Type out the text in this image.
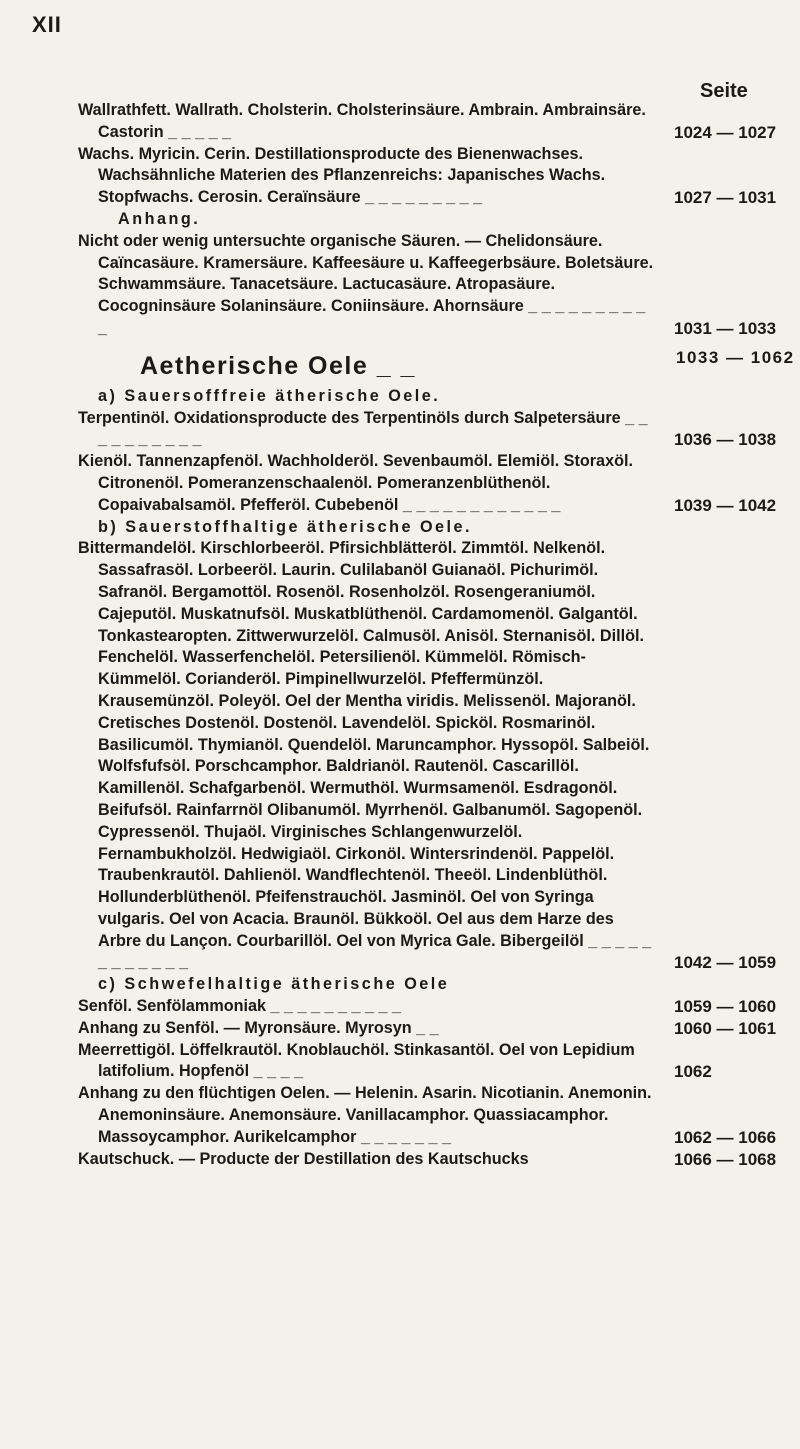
XII
Seite
Wallrathfett. Wallrath. Cholsterin. Cholsterinsäure. Ambrain. Ambrainsäre. Castorin _ _ _ _ _	1024 — 1027
Wachs. Myricin. Cerin. Destillationsproducte des Bienenwachses. Wachsähnliche Materien des Pflanzenreichs: Japanisches Wachs. Stopfwachs. Cerosin. Ceraïnsäure _ _ _ _ _ _ _ _ _	1027 — 1031
Anhang.
Nicht oder wenig untersuchte organische Säuren. — Chelidonsäure. Caïncasäure. Kramersäure. Kaffeesäure u. Kaffeegerbsäure. Boletsäure. Schwammsäure. Tanacetsäure. Lactucasäure. Atropasäure. Cocogninsäure Solaninsäure. Coniinsäure. Ahornsäure _ _ _ _ _ _ _ _ _ _	1031 — 1033
Aetherische Oele _ _	1033 — 1062
a) Sauersofffreie ätherische Oele.
Terpentinöl. Oxidationsproducte des Terpentinöls durch Salpetersäure _ _ _ _ _ _ _ _ _ _	1036 — 1038
Kienöl. Tannenzapfenöl. Wachholderöl. Sevenbaumöl. Elemiöl. Storaxöl. Citronenöl. Pomeranzenschaalenöl. Pomeranzenblüthenöl. Copaivabalsamöl. Pfefferöl. Cubebenöl _ _ _ _ _ _ _ _ _ _ _ _	1039 — 1042
b) Sauerstoffhaltige ätherische Oele.
Bittermandelöl. Kirschlorbeeröl. Pfirsichblätteröl. Zimmtöl. Nelkenöl. Sassafrasöl. Lorbeeröl. Laurin. Culilabanöl Guianaöl. Pichurimöl. Safranöl. Bergamottöl. Rosenöl. Rosenholzöl. Rosengeraniumöl. Cajeputöl. Muskatnufsöl. Muskatblüthenöl. Cardamomenöl. Galgantöl. Tonkastearopten. Zittwerwurzelöl. Calmusöl. Anisöl. Sternanisöl. Dillöl. Fenchelöl. Wasserfenchelöl. Petersilienöl. Kümmelöl. Römisch-Kümmelöl. Corianderöl. Pimpinellwurzelöl. Pfeffermünzöl. Krausemünzöl. Poleyöl. Oel der Mentha viridis. Melissenöl. Majoranöl. Cretisches Dostenöl. Dostenöl. Lavendelöl. Spicköl. Rosmarinöl. Basilicumöl. Thymianöl. Quendelöl. Maruncamphor. Hyssopöl. Salbeiöl. Wolfsfufsöl. Porschcamphor. Baldrianöl. Rautenöl. Cascarillöl. Kamillenöl. Schafgarbenöl. Wermuthöl. Wurmsamenöl. Esdragonöl. Beifufsöl. Rainfarrnöl Olibanumöl. Myrrhenöl. Galbanumöl. Sagopenöl. Cypressenöl. Thujaöl. Virginisches Schlangenwurzelöl. Fernambukholzöl. Hedwigiaöl. Cirkonöl. Wintersrindenöl. Pappelöl. Traubenkrautöl. Dahlienöl. Wandflechtenöl. Theeöl. Lindenblüthöl. Hollunderblüthenöl. Pfeifenstrauchöl. Jasminöl. Oel von Syringa vulgaris. Oel von Acacia. Braunöl. Bükkoöl. Oel aus dem Harze des Arbre du Lançon. Courbarillöl. Oel von Myrica Gale. Bibergeilöl _ _ _ _ _ _ _ _ _ _ _ _	1042 — 1059
c) Schwefelhaltige ätherische Oele
Senföl. Senfölammoniak _ _ _ _ _ _ _ _ _ _	1059 — 1060
Anhang zu Senföl. — Myronsäure. Myrosyn _ _	1060 — 1061
Meerrettigöl. Löffelkrautöl. Knoblauchöl. Stinkasantöl. Oel von Lepidium latifolium. Hopfenöl _ _ _ _	1062
Anhang zu den flüchtigen Oelen. — Helenin. Asarin. Nicotianin. Anemonin. Anemoninsäure. Anemonsäure. Vanillacamphor. Quassiacamphor. Massoycamphor. Aurikelcamphor _ _ _ _ _ _ _	1062 — 1066
Kautschuck. — Producte der Destillation des Kautschucks	1066 — 1068
